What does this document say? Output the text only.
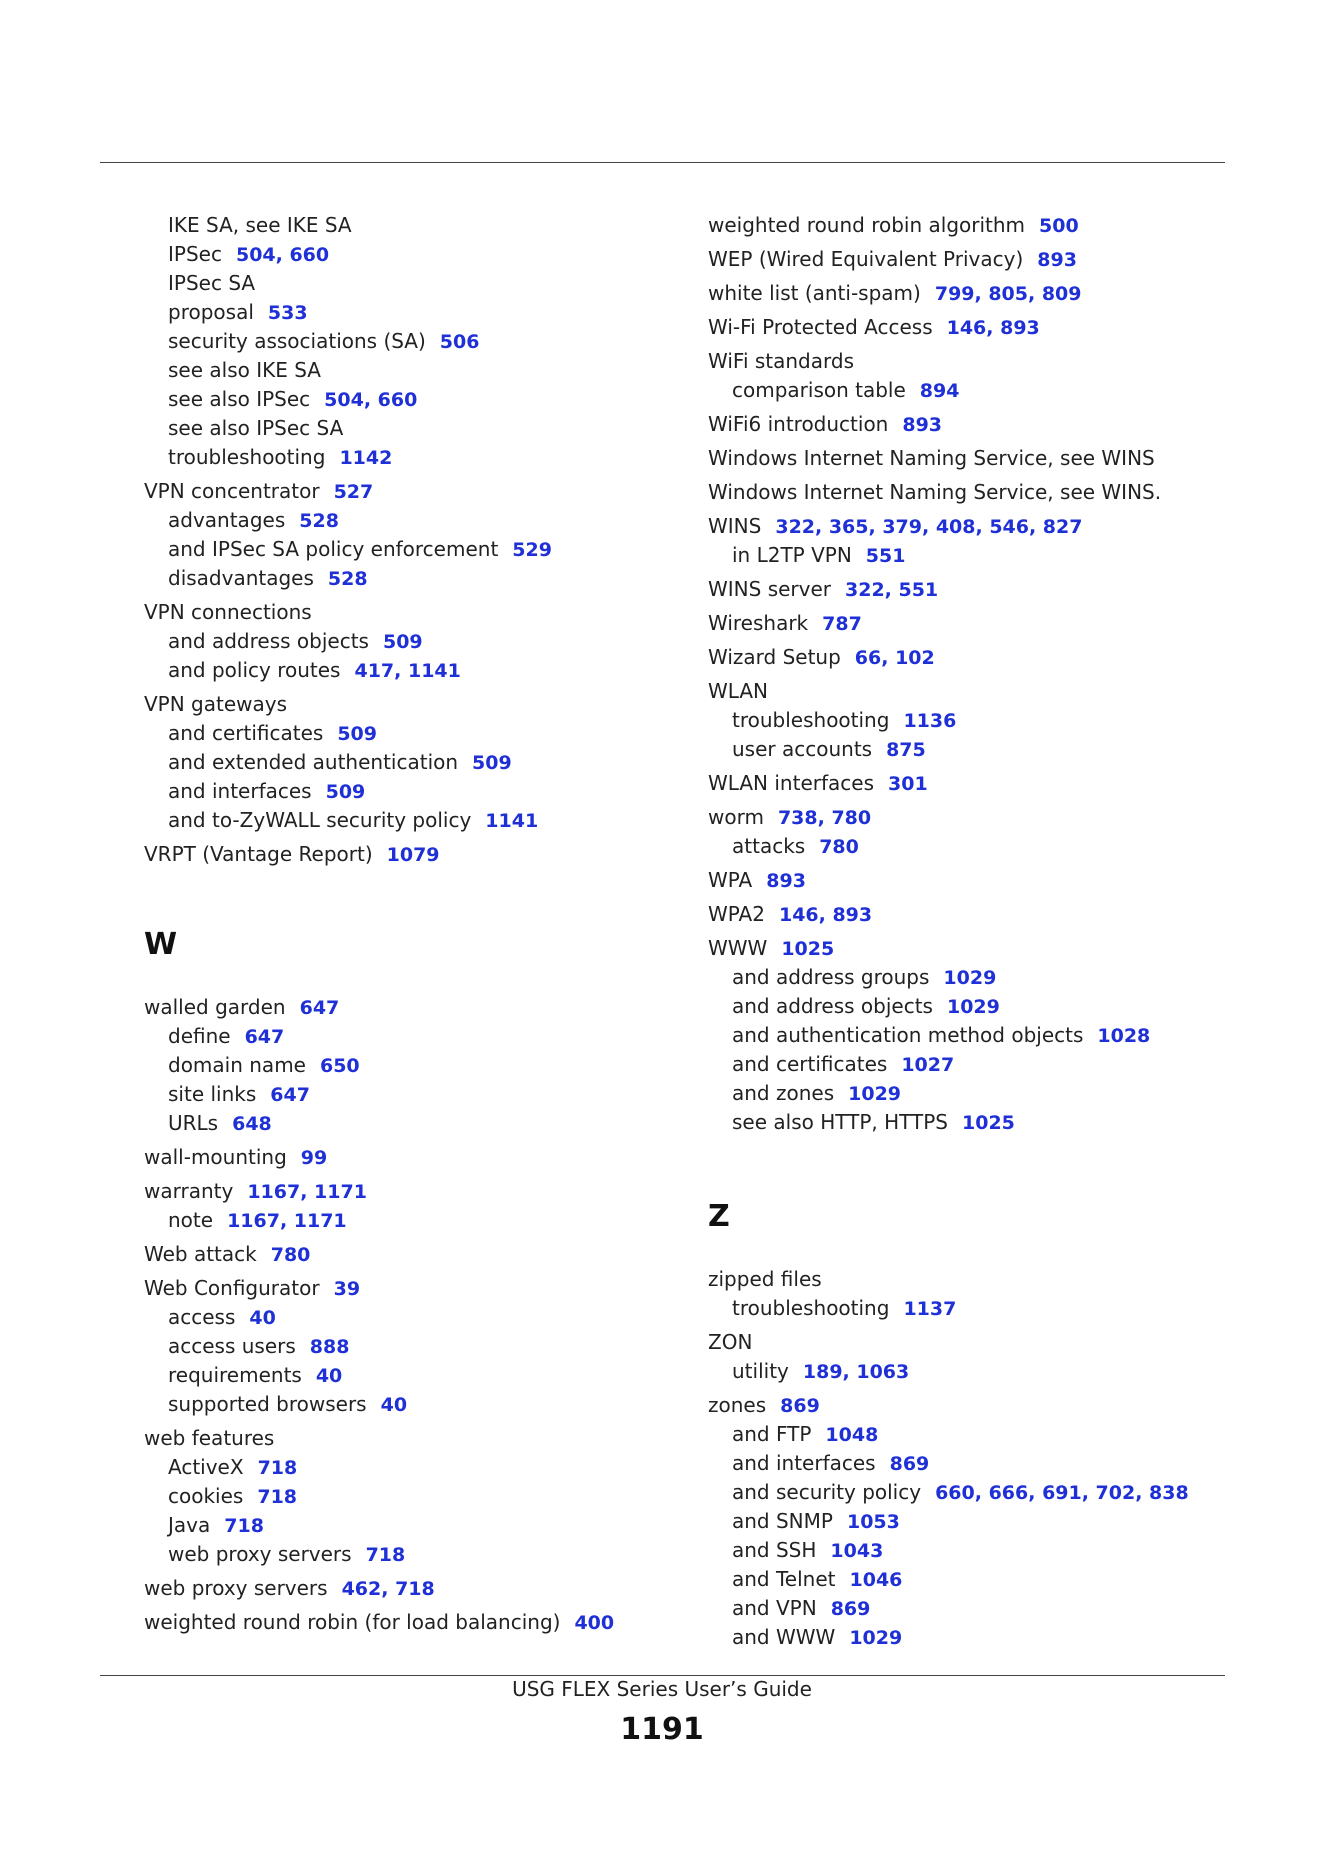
IKE SA, see IKE SA
IPSec 504, 660
IPSec SA
proposal 533
security associations (SA) 506
see also IKE SA
see also IPSec 504, 660
see also IPSec SA
troubleshooting 1142
VPN concentrator 527
advantages 528
and IPSec SA policy enforcement 529
disadvantages 528
VPN connections
and address objects 509
and policy routes 417, 1141
VPN gateways
and certificates 509
and extended authentication 509
and interfaces 509
and to-ZyWALL security policy 1141
VRPT (Vantage Report) 1079
W
walled garden 647
define 647
domain name 650
site links 647
URLs 648
wall-mounting 99
warranty 1167, 1171
note 1167, 1171
Web attack 780
Web Configurator 39
access 40
access users 888
requirements 40
supported browsers 40
web features
ActiveX 718
cookies 718
Java 718
web proxy servers 718
web proxy servers 462, 718
weighted round robin (for load balancing) 400
weighted round robin algorithm 500
WEP (Wired Equivalent Privacy) 893
white list (anti-spam) 799, 805, 809
Wi-Fi Protected Access 146, 893
WiFi standards
comparison table 894
WiFi6 introduction 893
Windows Internet Naming Service, see WINS
Windows Internet Naming Service, see WINS.
WINS 322, 365, 379, 408, 546, 827
in L2TP VPN 551
WINS server 322, 551
Wireshark 787
Wizard Setup 66, 102
WLAN
troubleshooting 1136
user accounts 875
WLAN interfaces 301
worm 738, 780
attacks 780
WPA 893
WPA2 146, 893
WWW 1025
and address groups 1029
and address objects 1029
and authentication method objects 1028
and certificates 1027
and zones 1029
see also HTTP, HTTPS 1025
Z
zipped files
troubleshooting 1137
ZON
utility 189, 1063
zones 869
and FTP 1048
and interfaces 869
and security policy 660, 666, 691, 702, 838
and SNMP 1053
and SSH 1043
and Telnet 1046
and VPN 869
and WWW 1029
USG FLEX Series User’s Guide
1191
